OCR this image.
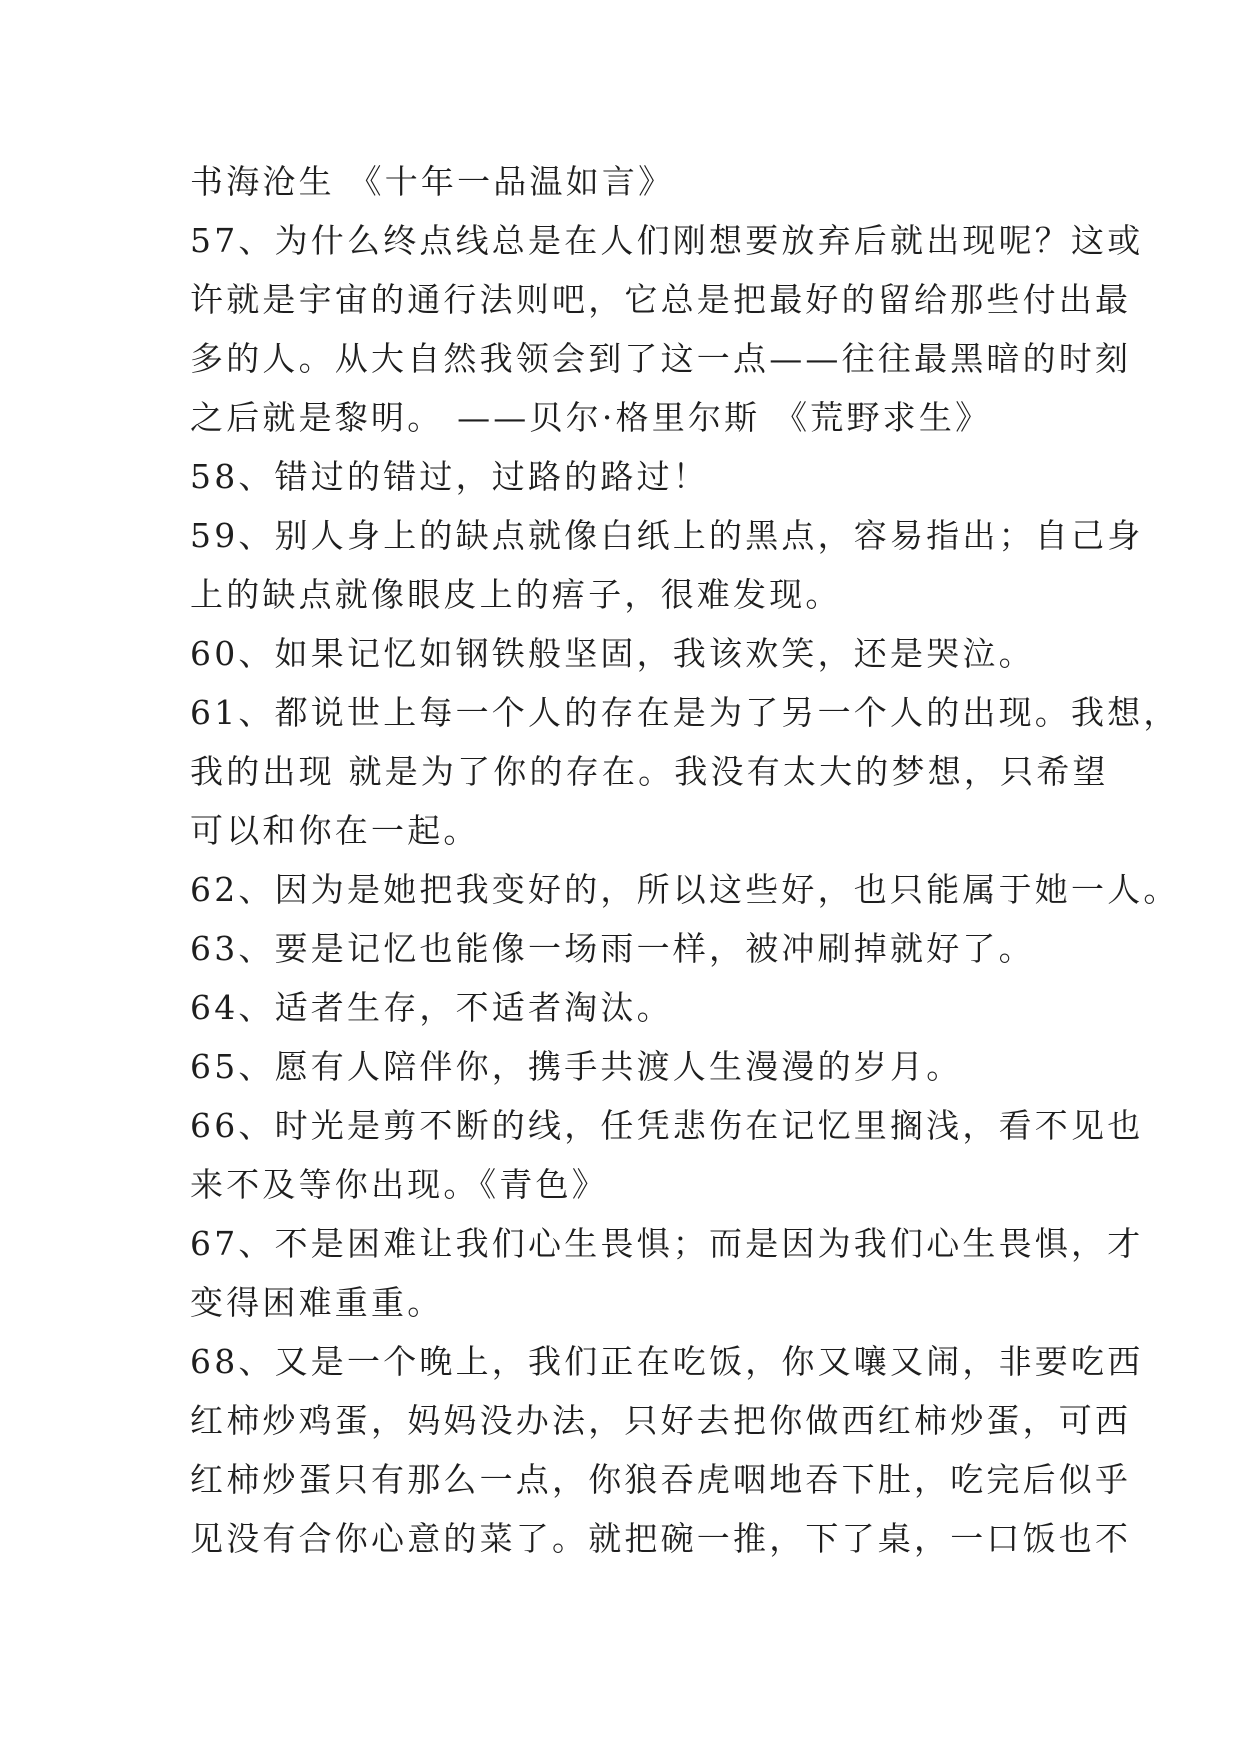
书海沧生 《十年一品温如言》

57、为什么终点线总是在人们刚想要放弃后就出现呢？这或
许就是宇宙的通行法则吧，它总是把最好的留给那些付出最
多的人。从大自然我领会到了这一点——往往最黑暗的时刻
之后就是黎明。 ——贝尔·格里尔斯 《荒野求生》

58、错过的错过，过路的路过！

59、别人身上的缺点就像白纸上的黑点，容易指出；自己身
上的缺点就像眼皮上的痦子，很难发现。

60、如果记忆如钢铁般坚固，我该欢笑，还是哭泣。

61、都说世上每一个人的存在是为了另一个人的出现。我想，
我的出现 就是为了你的存在。我没有太大的梦想，只希望
可以和你在一起。

62、因为是她把我变好的，所以这些好，也只能属于她一人。

63、要是记忆也能像一场雨一样，被冲刷掉就好了。

64、适者生存，不适者淘汰。

65、愿有人陪伴你，携手共渡人生漫漫的岁月。

66、时光是剪不断的线，任凭悲伤在记忆里搁浅，看不见也
来不及等你出现。《青色》

67、不是困难让我们心生畏惧；而是因为我们心生畏惧，才
变得困难重重。

68、又是一个晚上，我们正在吃饭，你又嚷又闹，非要吃西
红柿炒鸡蛋，妈妈没办法，只好去把你做西红柿炒蛋，可西
红柿炒蛋只有那么一点，你狼吞虎咽地吞下肚，吃完后似乎
见没有合你心意的菜了。就把碗一推，下了桌，一口饭也不
